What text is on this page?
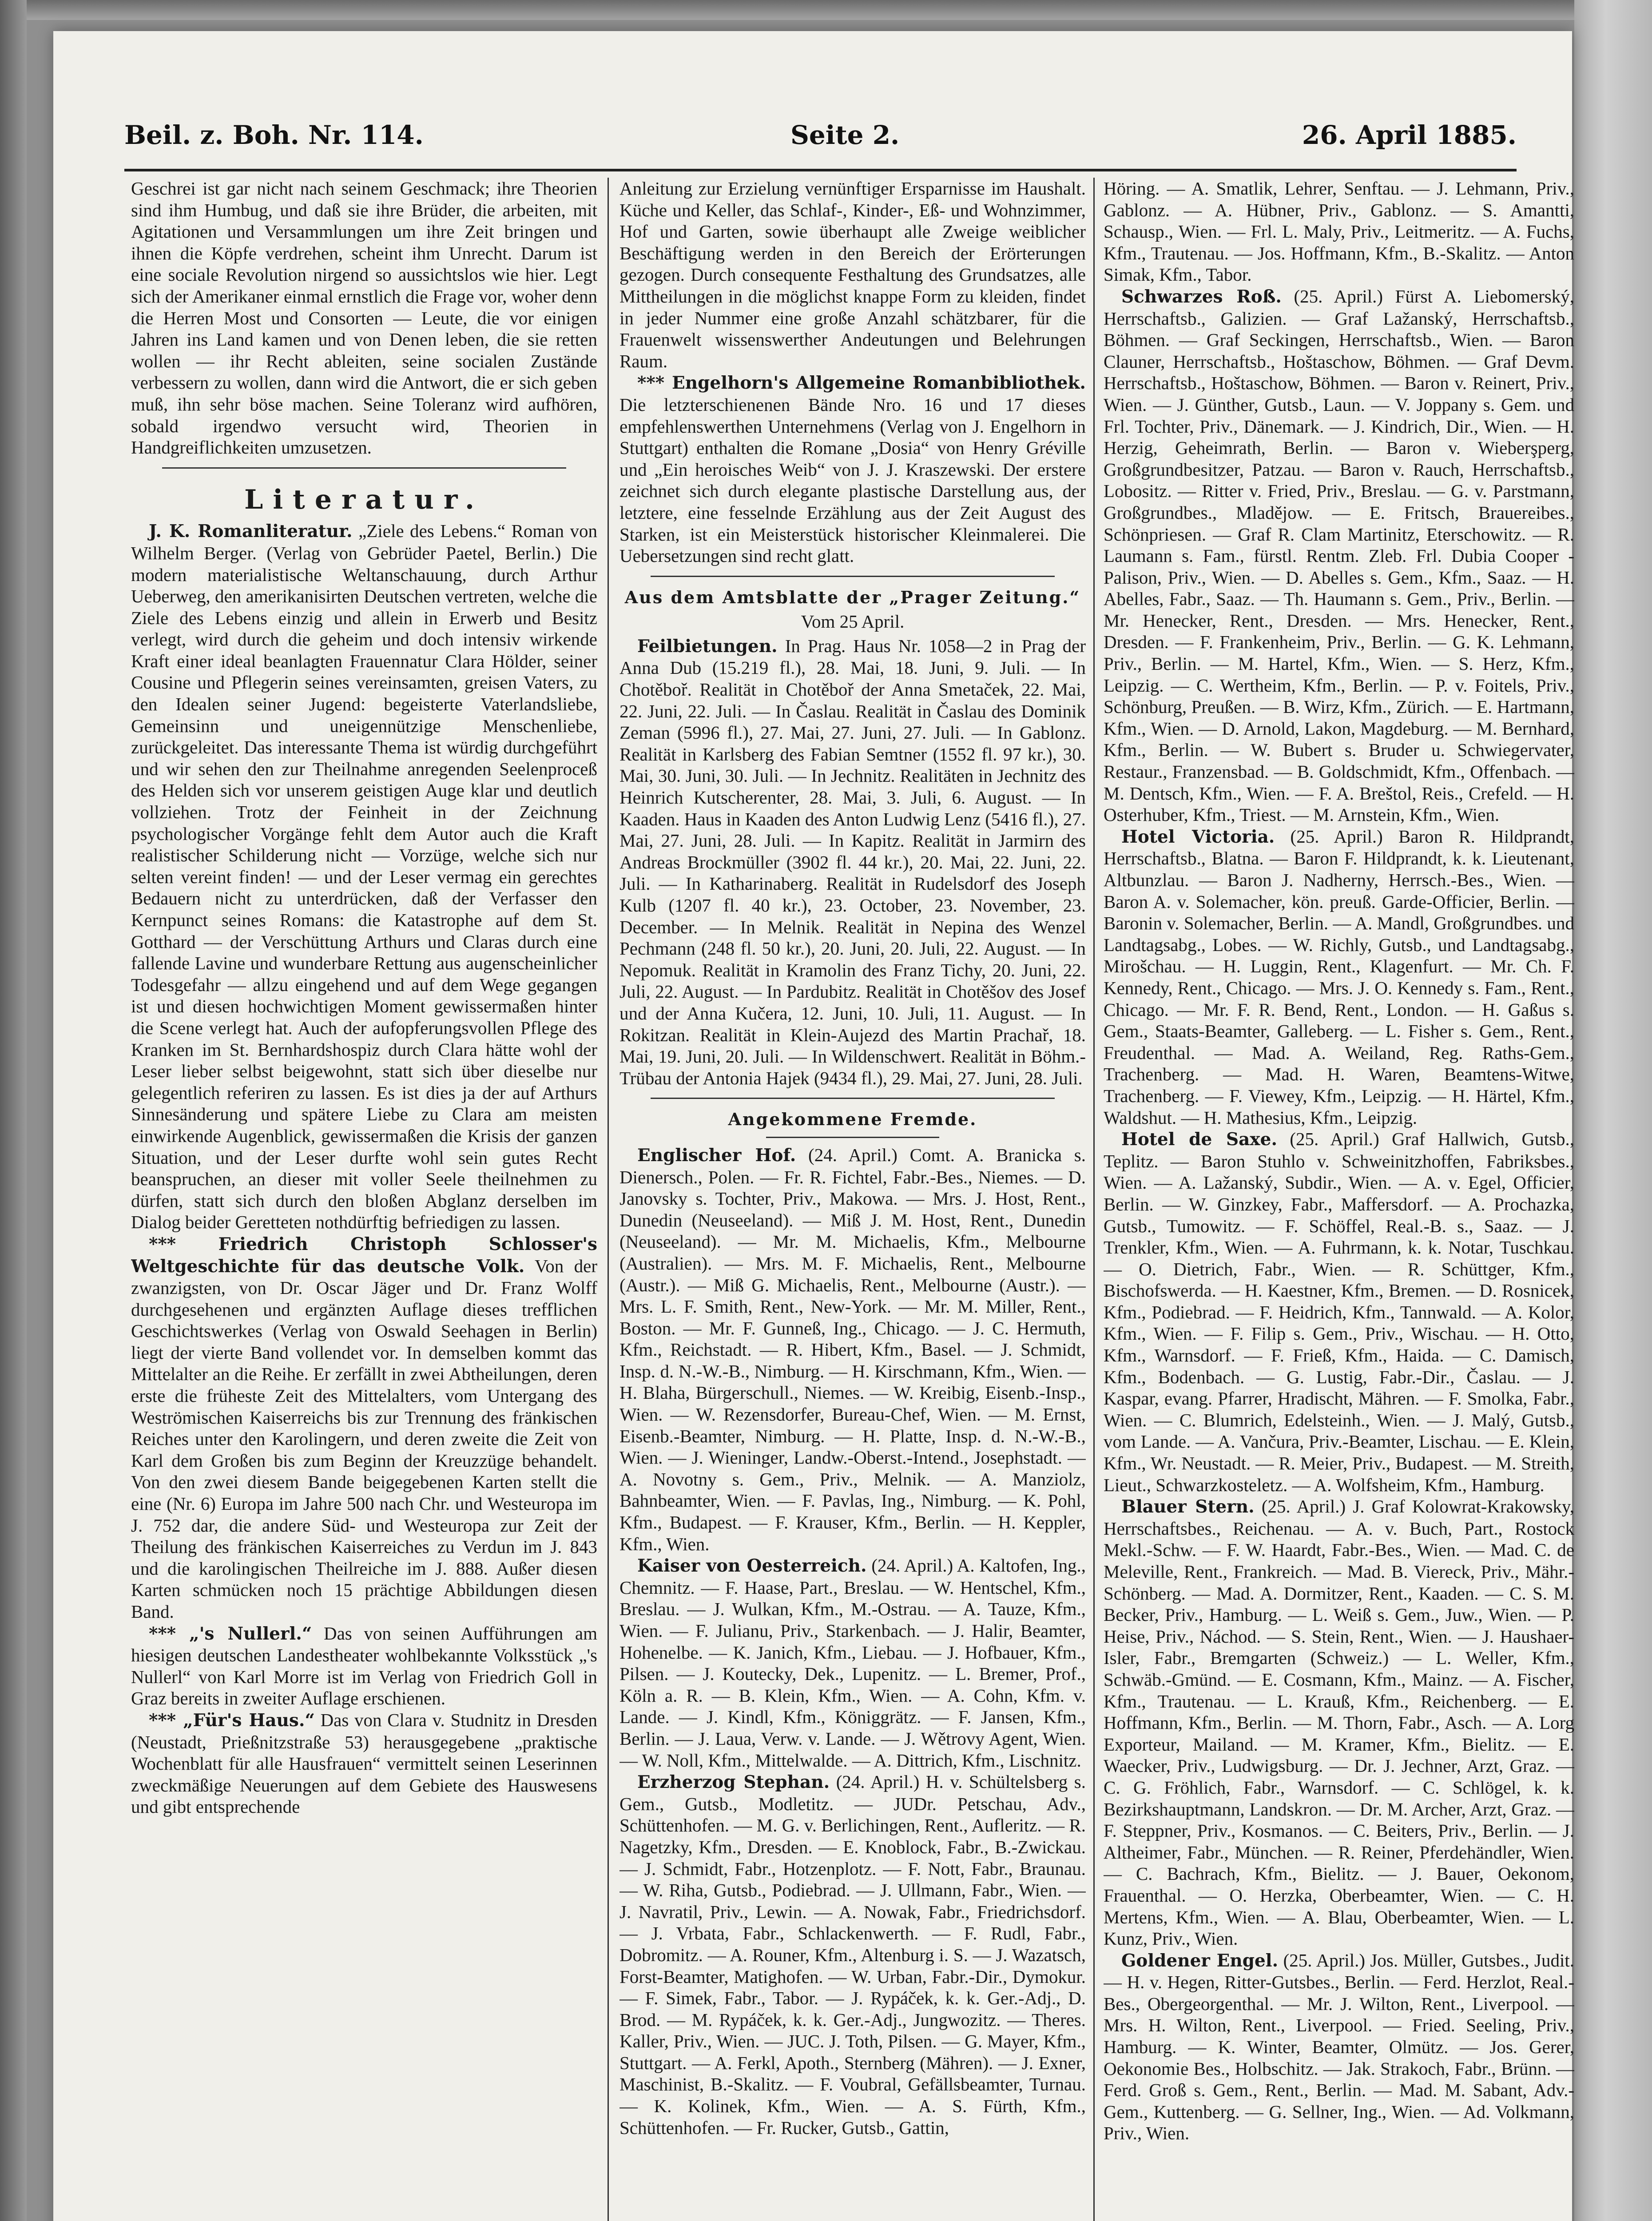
Beil. z. Boh. Nr. 114.	Seite 2.	26. April 1885.

Geschrei ist gar nicht nach seinem Geschmack; ihre Theorien sind ihm Humbug, und daß sie ihre Brüder, die arbeiten, mit Agitationen und Versammlungen um ihre Zeit bringen und ihnen die Köpfe verdrehen, scheint ihm Unrecht. Darum ist eine sociale Revolution nirgend so aussichtslos wie hier. Legt sich der Amerikaner einmal ernstlich die Frage vor, woher denn die Herren Most und Consorten — Leute, die vor einigen Jahren ins Land kamen und von Denen leben, die sie retten wollen — ihr Recht ableiten, seine socialen Zustände verbessern zu wollen, dann wird die Antwort, die er sich geben muß, ihn sehr böse machen. Seine Toleranz wird aufhören, sobald irgendwo versucht wird, Theorien in Handgreiflichkeiten umzusetzen.

Literatur.

J. K. Romanliteratur. „Ziele des Lebens.“ Roman von Wilhelm Berger. (Verlag von Gebrüder Paetel, Berlin.) Die modern materialistische Weltanschauung, durch Arthur Ueberweg, den amerikanisirten Deutschen vertreten, welche die Ziele des Lebens einzig und allein in Erwerb und Besitz verlegt, wird durch die geheim und doch intensiv wirkende Kraft einer ideal beanlagten Frauennatur Clara Hölder, seiner Cousine und Pflegerin seines vereinsamten, greisen Vaters, zu den Idealen seiner Jugend: begeisterte Vaterlandsliebe, Gemeinsinn und uneigennützige Menschenliebe, zurückgeleitet. Das interessante Thema ist würdig durchgeführt und wir sehen den zur Theilnahme anregenden Seelenproceß des Helden sich vor unserem geistigen Auge klar und deutlich vollziehen. Trotz der Feinheit in der Zeichnung psychologischer Vorgänge fehlt dem Autor auch die Kraft realistischer Schilderung nicht — Vorzüge, welche sich nur selten vereint finden! — und der Leser vermag ein gerechtes Bedauern nicht zu unterdrücken, daß der Verfasser den Kernpunct seines Romans: die Katastrophe auf dem St. Gotthard — der Verschüttung Arthurs und Claras durch eine fallende Lavine und wunderbare Rettung aus augenscheinlicher Todesgefahr — allzu eingehend und auf dem Wege gegangen ist und diesen hochwichtigen Moment gewissermaßen hinter die Scene verlegt hat. Auch der aufopferungsvollen Pflege des Kranken im St. Bernhardshospiz durch Clara hätte wohl der Leser lieber selbst beigewohnt, statt sich über dieselbe nur gelegentlich referiren zu lassen. Es ist dies ja der auf Arthurs Sinnesänderung und spätere Liebe zu Clara am meisten einwirkende Augenblick, gewissermaßen die Krisis der ganzen Situation, und der Leser durfte wohl sein gutes Recht beanspruchen, an dieser mit voller Seele theilnehmen zu dürfen, statt sich durch den bloßen Abglanz derselben im Dialog beider Geretteten nothdürftig befriedigen zu lassen.

*** Friedrich Christoph Schlosser's Weltgeschichte für das deutsche Volk. Von der zwanzigsten, von Dr. Oscar Jäger und Dr. Franz Wolff durchgesehenen und ergänzten Auflage dieses trefflichen Geschichtswerkes (Verlag von Oswald Seehagen in Berlin) liegt der vierte Band vollendet vor. In demselben kommt das Mittelalter an die Reihe. Er zerfällt in zwei Abtheilungen, deren erste die früheste Zeit des Mittelalters, vom Untergang des Weströmischen Kaiserreichs bis zur Trennung des fränkischen Reiches unter den Karolingern, und deren zweite die Zeit von Karl dem Großen bis zum Beginn der Kreuzzüge behandelt. Von den zwei diesem Bande beigegebenen Karten stellt die eine (Nr. 6) Europa im Jahre 500 nach Chr. und Westeuropa im J. 752 dar, die andere Süd- und Westeuropa zur Zeit der Theilung des fränkischen Kaiserreiches zu Verdun im J. 843 und die karolingischen Theilreiche im J. 888. Außer diesen Karten schmücken noch 15 prächtige Abbildungen diesen Band.

*** „'s Nullerl.“ Das von seinen Aufführungen am hiesigen deutschen Landestheater wohlbekannte Volksstück „'s Nullerl“ von Karl Morre ist im Verlag von Friedrich Goll in Graz bereits in zweiter Auflage erschienen.

*** „Für's Haus.“ Das von Clara v. Studnitz in Dresden (Neustadt, Prießnitzstraße 53) herausgegebene „praktische Wochenblatt für alle Hausfrauen“ vermittelt seinen Leserinnen zweckmäßige Neuerungen auf dem Gebiete des Hauswesens und gibt entsprechende

Anleitung zur Erzielung vernünftiger Ersparnisse im Haushalt. Küche und Keller, das Schlaf-, Kinder-, Eß- und Wohnzimmer, Hof und Garten, sowie überhaupt alle Zweige weiblicher Beschäftigung werden in den Bereich der Erörterungen gezogen. Durch consequente Festhaltung des Grundsatzes, alle Mittheilungen in die möglichst knappe Form zu kleiden, findet in jeder Nummer eine große Anzahl schätzbarer, für die Frauenwelt wissenswerther Andeutungen und Belehrungen Raum.

*** Engelhorn's Allgemeine Romanbibliothek. Die letzterschienenen Bände Nro. 16 und 17 dieses empfehlenswerthen Unternehmens (Verlag von J. Engelhorn in Stuttgart) enthalten die Romane „Dosia“ von Henry Gréville und „Ein heroisches Weib“ von J. J. Kraszewski. Der erstere zeichnet sich durch elegante plastische Darstellung aus, der letztere, eine fesselnde Erzählung aus der Zeit August des Starken, ist ein Meisterstück historischer Kleinmalerei. Die Uebersetzungen sind recht glatt.

Aus dem Amtsblatte der „Prager Zeitung.“
Vom 25 April.

Feilbietungen. In Prag. Haus Nr. 1058—2 in Prag der Anna Dub (15.219 fl.), 28. Mai, 18. Juni, 9. Juli. — In Chotěboř. Realität in Chotěboř der Anna Smetaček, 22. Mai, 22. Juni, 22. Juli. — In Časlau. Realität in Časlau des Dominik Zeman (5996 fl.), 27. Mai, 27. Juni, 27. Juli. — In Gablonz. Realität in Karlsberg des Fabian Semtner (1552 fl. 97 kr.), 30. Mai, 30. Juni, 30. Juli. — In Jechnitz. Realitäten in Jechnitz des Heinrich Kutscherenter, 28. Mai, 3. Juli, 6. August. — In Kaaden. Haus in Kaaden des Anton Ludwig Lenz (5416 fl.), 27. Mai, 27. Juni, 28. Juli. — In Kapitz. Realität in Jarmirn des Andreas Brockmüller (3902 fl. 44 kr.), 20. Mai, 22. Juni, 22. Juli. — In Katharinaberg. Realität in Rudelsdorf des Joseph Kulb (1207 fl. 40 kr.), 23. October, 23. November, 23. December. — In Melnik. Realität in Nepina des Wenzel Pechmann (248 fl. 50 kr.), 20. Juni, 20. Juli, 22. August. — In Nepomuk. Realität in Kramolin des Franz Tichy, 20. Juni, 22. Juli, 22. August. — In Pardubitz. Realität in Chotěšov des Josef und der Anna Kučera, 12. Juni, 10. Juli, 11. August. — In Rokitzan. Realität in Klein-Aujezd des Martin Prachař, 18. Mai, 19. Juni, 20. Juli. — In Wildenschwert. Realität in Böhm.-Trübau der Antonia Hajek (9434 fl.), 29. Mai, 27. Juni, 28. Juli.

Angekommene Fremde.

Englischer Hof. (24. April.) Comt. A. Branicka s. Dienersch., Polen. — Fr. R. Fichtel, Fabr.-Bes., Niemes. — D. Janovsky s. Tochter, Priv., Makowa. — Mrs. J. Host, Rent., Dunedin (Neuseeland). — Miß J. M. Host, Rent., Dunedin (Neuseeland). — Mr. M. Michaelis, Kfm., Melbourne (Australien). — Mrs. M. F. Michaelis, Rent., Melbourne (Austr.). — Miß G. Michaelis, Rent., Melbourne (Austr.). — Mrs. L. F. Smith, Rent., New-York. — Mr. M. Miller, Rent., Boston. — Mr. F. Gunneß, Ing., Chicago. — J. C. Hermuth, Kfm., Reichstadt. — R. Hibert, Kfm., Basel. — J. Schmidt, Insp. d. N.-W.-B., Nimburg. — H. Kirschmann, Kfm., Wien. — H. Blaha, Bürgerschull., Niemes. — W. Kreibig, Eisenb.-Insp., Wien. — W. Rezensdorfer, Bureau-Chef, Wien. — M. Ernst, Eisenb.-Beamter, Nimburg. — H. Platte, Insp. d. N.-W.-B., Wien. — J. Wieninger, Landw.-Oberst.-Intend., Josephstadt. — A. Novotny s. Gem., Priv., Melnik. — A. Manziolz, Bahnbeamter, Wien. — F. Pavlas, Ing., Nimburg. — K. Pohl, Kfm., Budapest. — F. Krauser, Kfm., Berlin. — H. Keppler, Kfm., Wien.

Kaiser von Oesterreich. (24. April.) A. Kaltofen, Ing., Chemnitz. — F. Haase, Part., Breslau. — W. Hentschel, Kfm., Breslau. — J. Wulkan, Kfm., M.-Ostrau. — A. Tauze, Kfm., Wien. — F. Julianu, Priv., Starkenbach. — J. Halir, Beamter, Hohenelbe. — K. Janich, Kfm., Liebau. — J. Hofbauer, Kfm., Pilsen. — J. Koutecky, Dek., Lupenitz. — L. Bremer, Prof., Köln a. R. — B. Klein, Kfm., Wien. — A. Cohn, Kfm. v. Lande. — J. Kindl, Kfm., Königgrätz. — F. Jansen, Kfm., Berlin. — J. Laua, Verw. v. Lande. — J. Wětrovy Agent, Wien. — W. Noll, Kfm., Mittelwalde. — A. Dittrich, Kfm., Lischnitz.

Erzherzog Stephan. (24. April.) H. v. Schültelsberg s. Gem., Gutsb., Modletitz. — JUDr. Petschau, Adv., Schüttenhofen. — M. G. v. Berlichingen, Rent., Aufleritz. — R. Nagetzky, Kfm., Dresden. — E. Knoblock, Fabr., B.-Zwickau. — J. Schmidt, Fabr., Hotzenplotz. — F. Nott, Fabr., Braunau. — W. Riha, Gutsb., Podiebrad. — J. Ullmann, Fabr., Wien. — J. Navratil, Priv., Lewin. — A. Nowak, Fabr., Friedrichsdorf. — J. Vrbata, Fabr., Schlackenwerth. — F. Rudl, Fabr., Dobromitz. — A. Rouner, Kfm., Altenburg i. S. — J. Wazatsch, Forst-Beamter, Matighofen. — W. Urban, Fabr.-Dir., Dymokur. — F. Simek, Fabr., Tabor. — J. Rypáček, k. k. Ger.-Adj., D. Brod. — M. Rypáček, k. k. Ger.-Adj., Jungwozitz. — Theres. Kaller, Priv., Wien. — JUC. J. Toth, Pilsen. — G. Mayer, Kfm., Stuttgart. — A. Ferkl, Apoth., Sternberg (Mähren). — J. Exner, Maschinist, B.-Skalitz. — F. Voubral, Gefällsbeamter, Turnau. — K. Kolinek, Kfm., Wien. — A. S. Fürth, Kfm., Schüttenhofen. — Fr. Rucker, Gutsb., Gattin,

Höring. — A. Smatlik, Lehrer, Senftau. — J. Lehmann, Priv., Gablonz. — A. Hübner, Priv., Gablonz. — S. Amantti, Schausp., Wien. — Frl. L. Maly, Priv., Leitmeritz. — A. Fuchs, Kfm., Trautenau. — Jos. Hoffmann, Kfm., B.-Skalitz. — Anton Simak, Kfm., Tabor.

Schwarzes Roß. (25. April.) Fürst A. Liebomerský, Herrschaftsb., Galizien. — Graf Lažanský, Herrschaftsb., Böhmen. — Graf Seckingen, Herrschaftsb., Wien. — Baron Clauner, Herrschaftsb., Hoštaschow, Böhmen. — Graf Devm. Herrschaftsb., Hoštaschow, Böhmen. — Baron v. Reinert, Priv., Wien. — J. Günther, Gutsb., Laun. — V. Joppany s. Gem. und Frl. Tochter, Priv., Dänemark. — J. Kindrich, Dir., Wien. — H. Herzig, Geheimrath, Berlin. — Baron v. Wieberşperg, Großgrundbesitzer, Patzau. — Baron v. Rauch, Herrschaftsb., Lobositz. — Ritter v. Fried, Priv., Breslau. — G. v. Parstmann, Großgrundbes., Mladějow. — E. Fritsch, Brauereibes., Schönpriesen. — Graf R. Clam Martinitz, Eterschowitz. — R. Laumann s. Fam., fürstl. Rentm. Zleb. Frl. Dubia Cooper - Palison, Priv., Wien. — D. Abelles s. Gem., Kfm., Saaz. — H. Abelles, Fabr., Saaz. — Th. Haumann s. Gem., Priv., Berlin. — Mr. Henecker, Rent., Dresden. — Mrs. Henecker, Rent., Dresden. — F. Frankenheim, Priv., Berlin. — G. K. Lehmann, Priv., Berlin. — M. Hartel, Kfm., Wien. — S. Herz, Kfm., Leipzig. — C. Wertheim, Kfm., Berlin. — P. v. Foitels, Priv., Schönburg, Preußen. — B. Wirz, Kfm., Zürich. — E. Hartmann, Kfm., Wien. — D. Arnold, Lakon, Magdeburg. — M. Bernhard, Kfm., Berlin. — W. Bubert s. Bruder u. Schwiegervater, Restaur., Franzensbad. — B. Goldschmidt, Kfm., Offenbach. — M. Dentsch, Kfm., Wien. — F. A. Breštol, Reis., Crefeld. — H. Osterhuber, Kfm., Triest. — M. Arnstein, Kfm., Wien.

Hotel Victoria. (25. April.) Baron R. Hildprandt, Herrschaftsb., Blatna. — Baron F. Hildprandt, k. k. Lieutenant, Altbunzlau. — Baron J. Nadherny, Herrsch.-Bes., Wien. — Baron A. v. Solemacher, kön. preuß. Garde-Officier, Berlin. — Baronin v. Solemacher, Berlin. — A. Mandl, Großgrundbes. und Landtagsabg., Lobes. — W. Richly, Gutsb., und Landtagsabg., Mirošchau. — H. Luggin, Rent., Klagenfurt. — Mr. Ch. F. Kennedy, Rent., Chicago. — Mrs. J. O. Kennedy s. Fam., Rent., Chicago. — Mr. F. R. Bend, Rent., London. — H. Gaßus s. Gem., Staats-Beamter, Galleberg. — L. Fisher s. Gem., Rent., Freudenthal. — Mad. A. Weiland, Reg. Raths-Gem., Trachenberg. — Mad. H. Waren, Beamtens-Witwe, Trachenberg. — F. Viewey, Kfm., Leipzig. — H. Härtel, Kfm., Waldshut. — H. Mathesius, Kfm., Leipzig.

Hotel de Saxe. (25. April.) Graf Hallwich, Gutsb., Teplitz. — Baron Stuhlo v. Schweinitzhoffen, Fabriksbes., Wien. — A. Lažanský, Subdir., Wien. — A. v. Egel, Officier, Berlin. — W. Ginzkey, Fabr., Maffersdorf. — A. Prochazka, Gutsb., Tumowitz. — F. Schöffel, Real.-B. s., Saaz. — J. Trenkler, Kfm., Wien. — A. Fuhrmann, k. k. Notar, Tuschkau. — O. Dietrich, Fabr., Wien. — R. Schüttger, Kfm., Bischofswerda. — H. Kaestner, Kfm., Bremen. — D. Rosnicek, Kfm., Podiebrad. — F. Heidrich, Kfm., Tannwald. — A. Kolor, Kfm., Wien. — F. Filip s. Gem., Priv., Wischau. — H. Otto, Kfm., Warnsdorf. — F. Frieß, Kfm., Haida. — C. Damisch, Kfm., Bodenbach. — G. Lustig, Fabr.-Dir., Časlau. — J. Kaspar, evang. Pfarrer, Hradischt, Mähren. — F. Smolka, Fabr., Wien. — C. Blumrich, Edelsteinh., Wien. — J. Malý, Gutsb., vom Lande. — A. Vančura, Priv.-Beamter, Lischau. — E. Klein, Kfm., Wr. Neustadt. — R. Meier, Priv., Budapest. — M. Streith, Lieut., Schwarzkosteletz. — A. Wolfsheim, Kfm., Hamburg.

Blauer Stern. (25. April.) J. Graf Kolowrat-Krakowsky, Herrschaftsbes., Reichenau. — A. v. Buch, Part., Rostock Mekl.-Schw. — F. W. Haardt, Fabr.-Bes., Wien. — Mad. C. de Meleville, Rent., Frankreich. — Mad. B. Viereck, Priv., Mähr.-Schönberg. — Mad. A. Dormitzer, Rent., Kaaden. — C. S. M. Becker, Priv., Hamburg. — L. Weiß s. Gem., Juw., Wien. — P. Heise, Priv., Náchod. — S. Stein, Rent., Wien. — J. Haushaer-Isler, Fabr., Bremgarten (Schweiz.) — L. Weller, Kfm., Schwäb.-Gmünd. — E. Cosmann, Kfm., Mainz. — A. Fischer, Kfm., Trautenau. — L. Krauß, Kfm., Reichenberg. — E. Hoffmann, Kfm., Berlin. — M. Thorn, Fabr., Asch. — A. Lorg Exporteur, Mailand. — M. Kramer, Kfm., Bielitz. — E. Waecker, Priv., Ludwigsburg. — Dr. J. Jechner, Arzt, Graz. — C. G. Fröhlich, Fabr., Warnsdorf. — C. Schlögel, k. k. Bezirkshauptmann, Landskron. — Dr. M. Archer, Arzt, Graz. — F. Steppner, Priv., Kosmanos. — C. Beiters, Priv., Berlin. — J. Altheimer, Fabr., München. — R. Reiner, Pferdehändler, Wien. — C. Bachrach, Kfm., Bielitz. — J. Bauer, Oekonom, Frauenthal. — O. Herzka, Oberbeamter, Wien. — C. H. Mertens, Kfm., Wien. — A. Blau, Oberbeamter, Wien. — L. Kunz, Priv., Wien.

Goldener Engel. (25. April.) Jos. Müller, Gutsbes., Judit. — H. v. Hegen, Ritter-Gutsbes., Berlin. — Ferd. Herzlot, Real.-Bes., Obergeorgenthal. — Mr. J. Wilton, Rent., Liverpool. — Mrs. H. Wilton, Rent., Liverpool. — Fried. Seeling, Priv., Hamburg. — K. Winter, Beamter, Olmütz. — Jos. Gerer, Oekonomie Bes., Holbschitz. — Jak. Strakoch, Fabr., Brünn. — Ferd. Groß s. Gem., Rent., Berlin. — Mad. M. Sabant, Adv.-Gem., Kuttenberg. — G. Sellner, Ing., Wien. — Ad. Volkmann, Priv., Wien.
